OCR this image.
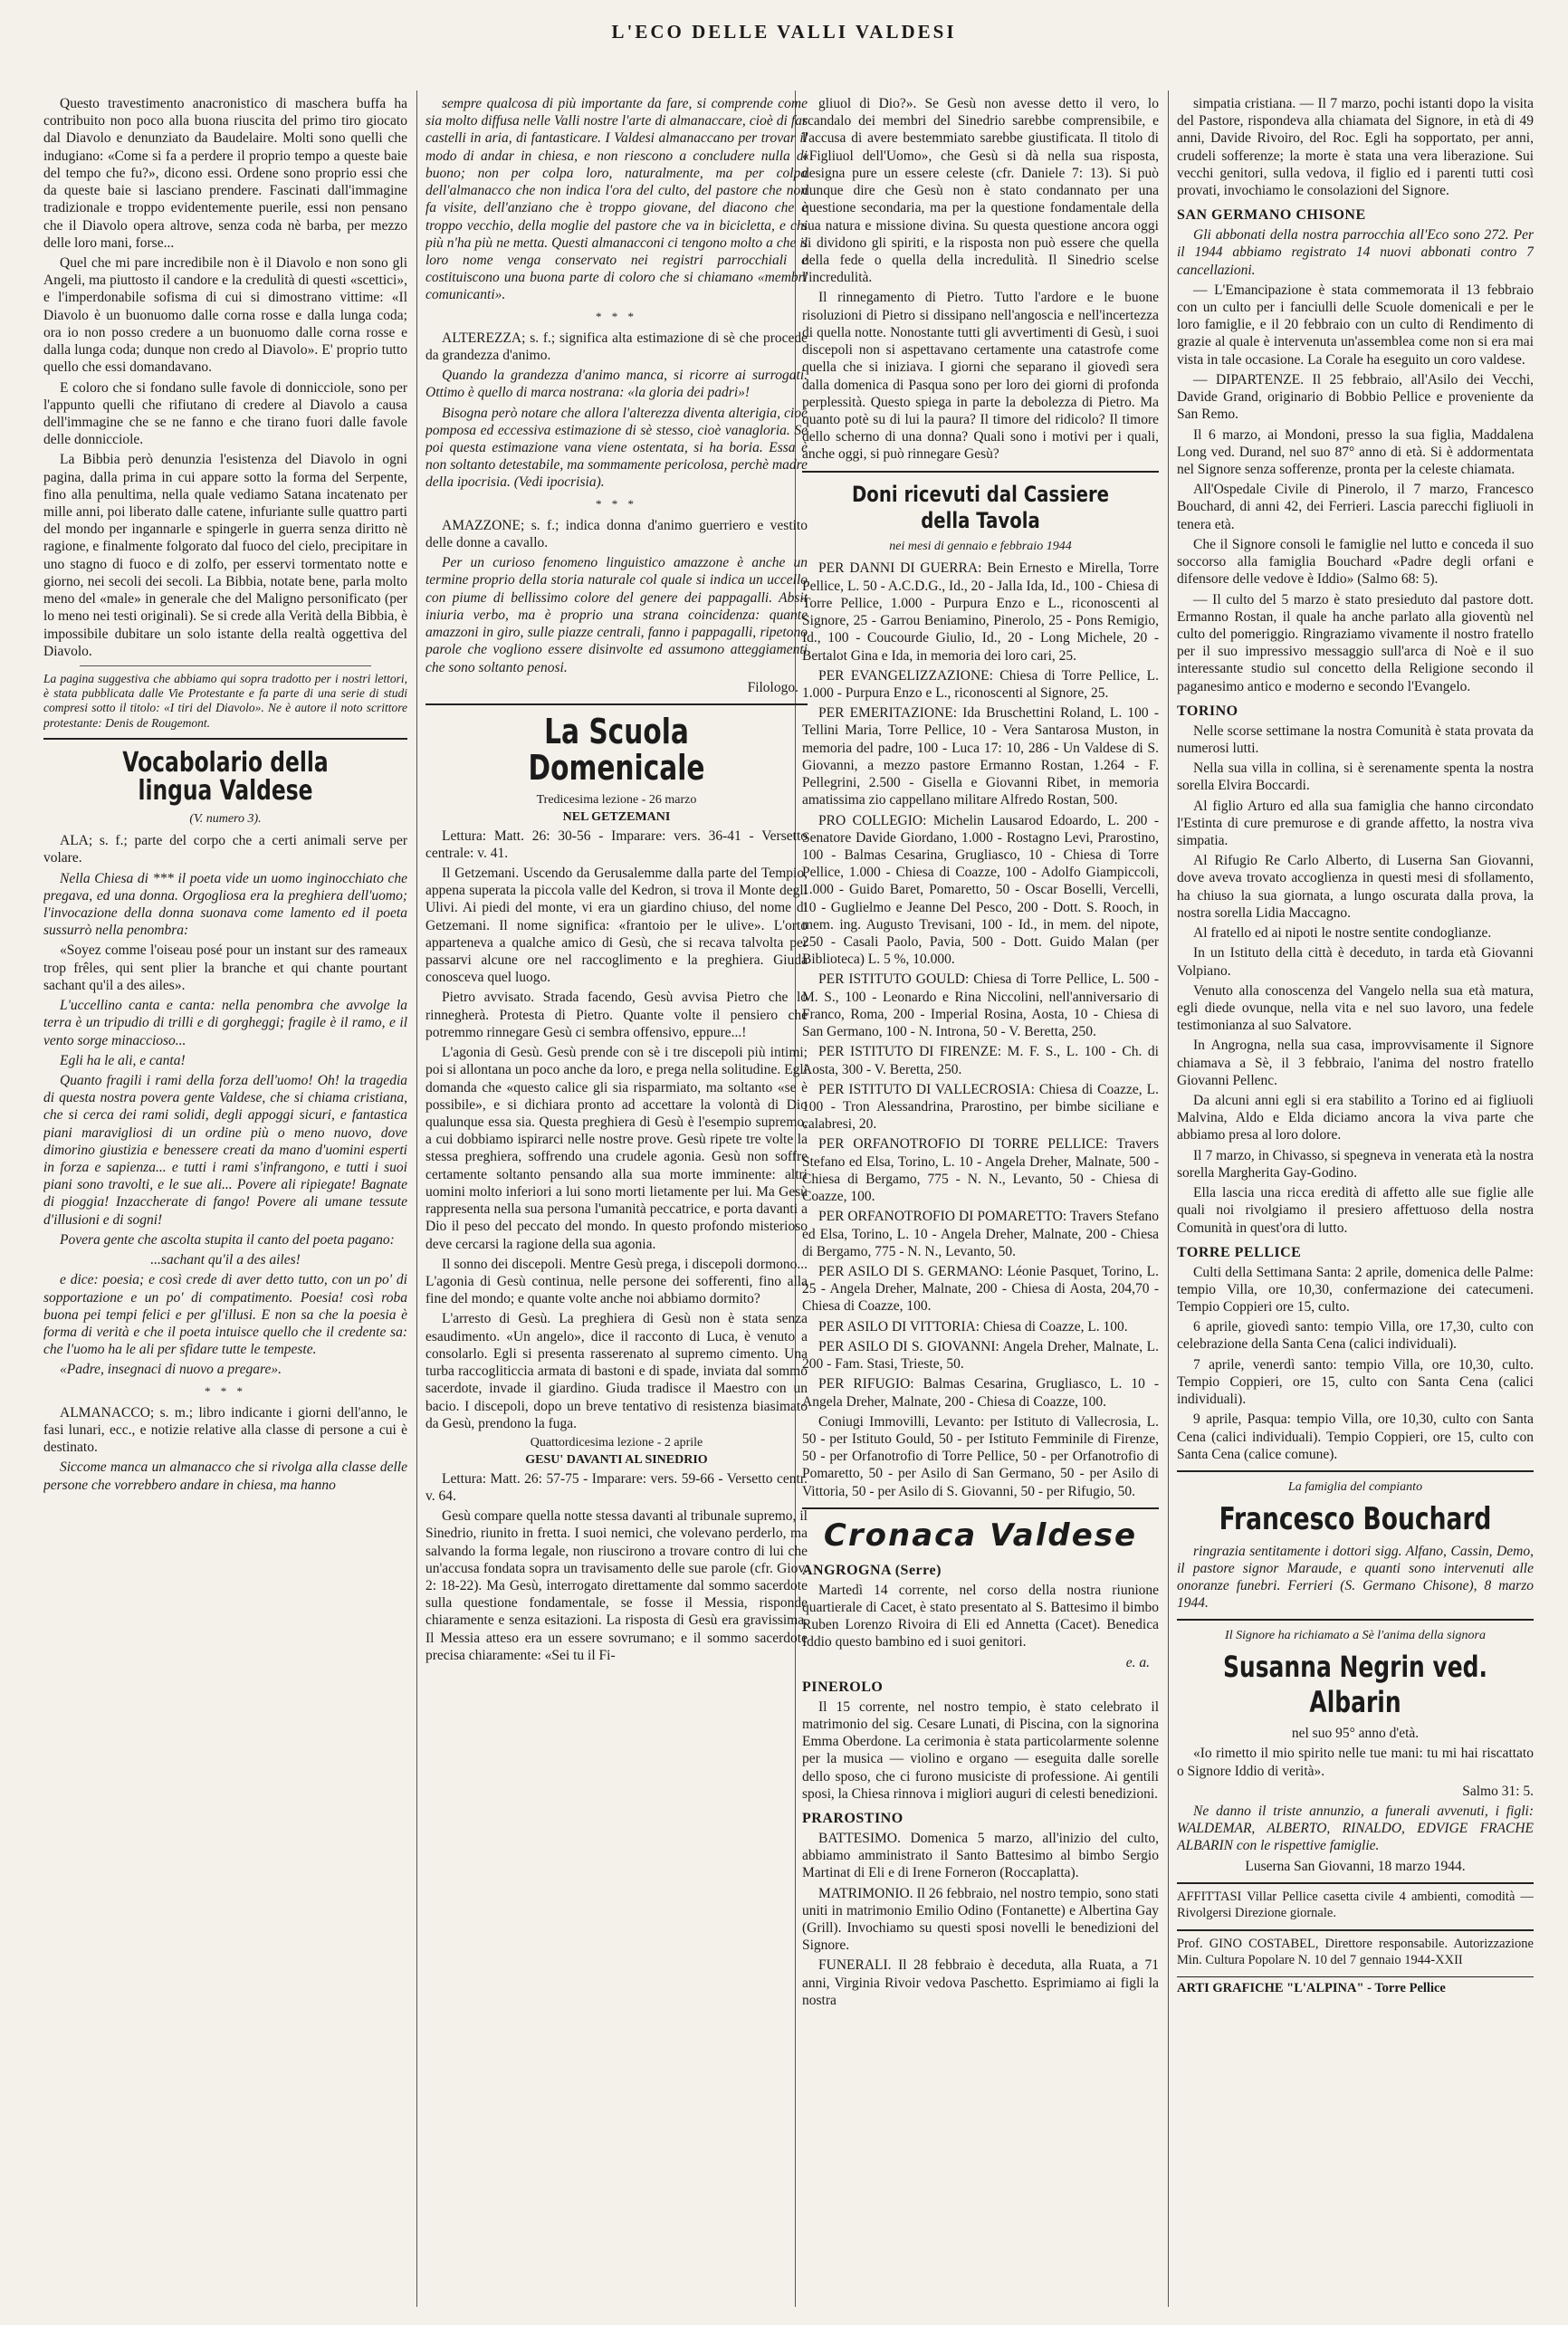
L'ECO DELLE VALLI VALDESI

Questo travestimento anacronistico di maschera buffa ha contribuito non poco alla buona riuscita del primo tiro giocato dal Diavolo e denunziato da Baudelaire. Molti sono quelli che indugiano: «Come si fa a perdere il proprio tempo a queste baie del tempo che fu?», dicono essi. Ordene sono proprio essi che da queste baie si lasciano prendere. Fascinati dall'immagine tradizionale e troppo evidentemente puerile, essi non pensano che il Diavolo opera altrove, senza coda nè barba, per mezzo delle loro mani, forse...

Quel che mi pare incredibile non è il Diavolo e non sono gli Angeli, ma piuttosto il candore e la credulità di questi «scettici», e l'imperdonabile sofisma di cui si dimostrano vittime: «Il Diavolo è un buonuomo dalle corna rosse e dalla lunga coda; ora io non posso credere a un buonuomo dalle corna rosse e dalla lunga coda; dunque non credo al Diavolo». E' proprio tutto quello che essi domandavano.

E coloro che si fondano sulle favole di donnicciole, sono per l'appunto quelli che rifiutano di credere al Diavolo a causa dell'immagine che se ne fanno e che tirano fuori dalle favole delle donnicciole.

La Bibbia però denunzia l'esistenza del Diavolo in ogni pagina, dalla prima in cui appare sotto la forma del Serpente, fino alla penultima, nella quale vediamo Satana incatenato per mille anni, poi liberato dalle catene, infuriante sulle quattro parti del mondo per ingannarle e spingerle in guerra senza diritto nè ragione, e finalmente folgorato dal fuoco del cielo, precipitare in uno stagno di fuoco e di zolfo, per esservi tormentato notte e giorno, nei secoli dei secoli. La Bibbia, notate bene, parla molto meno del «male» in generale che del Maligno personificato (per lo meno nei testi originali). Se si crede alla Verità della Bibbia, è impossibile dubitare un solo istante della realtà oggettiva del Diavolo.

La pagina suggestiva che abbiamo qui sopra tradotto per i nostri lettori, è stata pubblicata dalle Vie Protestante e fa parte di una serie di studi compresi sotto il titolo: «I tiri del Diavolo». Ne è autore il noto scrittore protestante: Denis de Rougemont.
Vocabolario della lingua Valdese
(V. numero 3).

ALA; s. f.; parte del corpo che a certi animali serve per volare.

Nella Chiesa di *** il poeta vide un uomo inginocchiato che pregava, ed una donna. Orgogliosa era la preghiera dell'uomo; l'invocazione della donna suonava come lamento ed il poeta sussurrò nella penombra:

«Soyez comme l'oiseau posé pour un instant sur des rameaux trop frêles, qui sent plier la branche et qui chante pourtant sachant qu'il a des ailes».

L'uccellino canta e canta: nella penombra che avvolge la terra è un tripudio di trilli e di gorgheggi; fragile è il ramo, e il vento sorge minaccioso...

Egli ha le ali, e canta!

Quanto fragili i rami della forza dell'uomo! Oh! la tragedia di questa nostra povera gente Valdese, che si chiama cristiana, che si cerca dei rami solidi, degli appoggi sicuri, e fantastica piani maravigliosi di un ordine più o meno nuovo, dove dimorino giustizia e benessere creati da mano d'uomini esperti in forza e sapienza... e tutti i rami s'infrangono, e tutti i suoi piani sono travolti, e le sue ali... Povere ali ripiegate! Bagnate di pioggia! Inzaccherate di fango! Povere ali umane tessute d'illusioni e di sogni!

Povera gente che ascolta stupita il canto del poeta pagano:

...sachant qu'il a des ailes!

e dice: poesia; e così crede di aver detto tutto, con un po' di sopportazione e un po' di compatimento. Poesia! così roba buona pei tempi felici e per gl'illusi. E non sa che la poesia è forma di verità e che il poeta intuisce quello che il credente sa: che l'uomo ha le ali per sfidare tutte le tempeste.

«Padre, insegnaci di nuovo a pregare».

* * *

ALMANACCO; s. m.; libro indicante i giorni dell'anno, le fasi lunari, ecc., e notizie relative alla classe di persone a cui è destinato.

Siccome manca un almanacco che si rivolga alla classe delle persone che vorrebbero andare in chiesa, ma hanno

sempre qualcosa di più importante da fare, si comprende come sia molto diffusa nelle Valli nostre l'arte di almanaccare, cioè di far castelli in aria, di fantasticare. I Valdesi almanaccano per trovar il modo di andar in chiesa, e non riescono a concludere nulla di buono; non per colpa loro, naturalmente, ma per colpa dell'almanacco che non indica l'ora del culto, del pastore che non fa visite, dell'anziano che è troppo giovane, del diacono che è troppo vecchio, della moglie del pastore che va in bicicletta, e chi più n'ha più ne metta. Questi almanacconi ci tengono molto a che il loro nome venga conservato nei registri parrocchiali e costituiscono una buona parte di coloro che si chiamano «membri comunicanti».

* * *

ALTEREZZA; s. f.; significa alta estimazione di sè che procede da grandezza d'animo.

Quando la grandezza d'animo manca, si ricorre ai surrogati. Ottimo è quello di marca nostrana: «la gloria dei padri»!

Bisogna però notare che allora l'alterezza diventa alterigia, cioè pomposa ed eccessiva estimazione di sè stesso, cioè vanagloria. Se poi questa estimazione vana viene ostentata, si ha boria. Essa è non soltanto detestabile, ma sommamente pericolosa, perchè madre della ipocrisia. (Vedi ipocrisia).

* * *

AMAZZONE; s. f.; indica donna d'animo guerriero e vestito delle donne a cavallo.

Per un curioso fenomeno linguistico amazzone è anche un termine proprio della storia naturale col quale si indica un uccello con piume di bellissimo colore del genere dei pappagalli. Absit iniuria verbo, ma è proprio una strana coincidenza: quante amazzoni in giro, sulle piazze centrali, fanno i pappagalli, ripetono parole che vogliono essere disinvolte ed assumono atteggiamenti che sono soltanto penosi.

Filologo.
La Scuola Domenicale
Tredicesima lezione - 26 marzo
NEL GETZEMANI

Lettura: Matt. 26: 30-56 - Imparare: vers. 36-41 - Versetto centrale: v. 41.

Il Getzemani. Uscendo da Gerusalemme dalla parte del Tempio, appena superata la piccola valle del Kedron, si trova il Monte degli Ulivi. Ai piedi del monte, vi era un giardino chiuso, del nome di Getzemani. Il nome significa: «frantoio per le ulive». L'orto apparteneva a qualche amico di Gesù, che si recava talvolta per passarvi alcune ore nel raccoglimento e la preghiera. Giuda conosceva quel luogo.

Pietro avvisato. Strada facendo, Gesù avvisa Pietro che lo rinnegherà. Protesta di Pietro. Quante volte il pensiero che potremmo rinnegare Gesù ci sembra offensivo, eppure...!

L'agonia di Gesù. Gesù prende con sè i tre discepoli più intimi; poi si allontana un poco anche da loro, e prega nella solitudine. Egli domanda che «questo calice gli sia risparmiato, ma soltanto «se è possibile», e si dichiara pronto ad accettare la volontà di Dio qualunque essa sia. Questa preghiera di Gesù è l'esempio supremo, a cui dobbiamo ispirarci nelle nostre prove. Gesù ripete tre volte la stessa preghiera, soffrendo una crudele agonia. Gesù non soffre certamente soltanto pensando alla sua morte imminente: altri uomini molto inferiori a lui sono morti lietamente per lui. Ma Gesù rappresenta nella sua persona l'umanità peccatrice, e porta davanti a Dio il peso del peccato del mondo. In questo profondo misterioso deve cercarsi la ragione della sua agonia.

Il sonno dei discepoli. Mentre Gesù prega, i discepoli dormono... L'agonia di Gesù continua, nelle persone dei sofferenti, fino alla fine del mondo; e quante volte anche noi abbiamo dormito?

L'arresto di Gesù. La preghiera di Gesù non è stata senza esaudimento. «Un angelo», dice il racconto di Luca, è venuto a consolarlo. Egli si presenta rasserenato al supremo cimento. Una turba raccogliticcia armata di bastoni e di spade, inviata dal sommo sacerdote, invade il giardino. Giuda tradisce il Maestro con un bacio. I discepoli, dopo un breve tentativo di resistenza biasimato da Gesù, prendono la fuga.

Quattordicesima lezione - 2 aprile
GESU' DAVANTI AL SINEDRIO

Lettura: Matt. 26: 57-75 - Imparare: vers. 59-66 - Versetto centr. v. 64.

Gesù compare quella notte stessa davanti al tribunale supremo, il Sinedrio, riunito in fretta. I suoi nemici, che volevano perderlo, ma salvando la forma legale, non riuscirono a trovare contro di lui che un'accusa fondata sopra un travisamento delle sue parole (cfr. Giov. 2: 18-22). Ma Gesù, interrogato direttamente dal sommo sacerdote sulla questione fondamentale, se fosse il Messia, risponde chiaramente e senza esitazioni. La risposta di Gesù era gravissima. Il Messia atteso era un essere sovrumano; e il sommo sacerdote precisa chiaramente: «Sei tu il Fi-

gliuol di Dio?». Se Gesù non avesse detto il vero, lo scandalo dei membri del Sinedrio sarebbe comprensibile, e l'accusa di avere bestemmiato sarebbe giustificata. Il titolo di «Figliuol dell'Uomo», che Gesù si dà nella sua risposta, designa pure un essere celeste (cfr. Daniele 7: 13). Si può dunque dire che Gesù non è stato condannato per una questione secondaria, ma per la questione fondamentale della sua natura e missione divina. Su questa questione ancora oggi si dividono gli spiriti, e la risposta non può essere che quella della fede o quella della incredulità. Il Sinedrio scelse l'incredulità.

Il rinnegamento di Pietro. Tutto l'ardore e le buone risoluzioni di Pietro si dissipano nell'angoscia e nell'incertezza di quella notte. Nonostante tutti gli avvertimenti di Gesù, i suoi discepoli non si aspettavano certamente una catastrofe come quella che si iniziava. I giorni che separano il giovedì sera dalla domenica di Pasqua sono per loro dei giorni di profonda perplessità. Questo spiega in parte la debolezza di Pietro. Ma quanto potè su di lui la paura? Il timore del ridicolo? Il timore dello scherno di una donna? Quali sono i motivi per i quali, anche oggi, si può rinnegare Gesù?

Doni ricevuti dal Cassiere della Tavola
nei mesi di gennaio e febbraio 1944

PER DANNI DI GUERRA: Bein Ernesto e Mirella, Torre Pellice, L. 50 - A.C.D.G., Id., 20 - Jalla Ida, Id., 100 - Chiesa di Torre Pellice, 1.000 - Purpura Enzo e L., riconoscenti al Signore, 25 - Garrou Beniamino, Pinerolo, 25 - Pons Remigio, Id., 100 - Coucourde Giulio, Id., 20 - Long Michele, 20 - Bertalot Gina e Ida, in memoria dei loro cari, 25.

PER EVANGELIZZAZIONE: Chiesa di Torre Pellice, L. 1.000 - Purpura Enzo e L., riconoscenti al Signore, 25.

PER EMERITAZIONE: Ida Bruschettini Roland, L. 100 - Tellini Maria, Torre Pellice, 10 - Vera Santarosa Muston, in memoria del padre, 100 - Luca 17: 10, 286 - Un Valdese di S. Giovanni, a mezzo pastore Ermanno Rostan, 1.264 - F. Pellegrini, 2.500 - Gisella e Giovanni Ribet, in memoria amatissima zio cappellano militare Alfredo Rostan, 500.

PRO COLLEGIO: Michelin Lausarod Edoardo, L. 200 - Senatore Davide Giordano, 1.000 - Rostagno Levi, Prarostino, 100 - Balmas Cesarina, Grugliasco, 10 - Chiesa di Torre Pellice, 1.000 - Chiesa di Coazze, 100 - Adolfo Giampiccoli, 1.000 - Guido Baret, Pomaretto, 50 - Oscar Boselli, Vercelli, 10 - Guglielmo e Jeanne Del Pesco, 200 - Dott. S. Rooch, in mem. ing. Augusto Trevisani, 100 - Id., in mem. del nipote, 250 - Casali Paolo, Pavia, 500 - Dott. Guido Malan (per Biblioteca) L. 5 %, 10.000.

PER ISTITUTO GOULD: Chiesa di Torre Pellice, L. 500 - M. S., 100 - Leonardo e Rina Niccolini, nell'anniversario di Franco, Roma, 200 - Imperial Rosina, Aosta, 10 - Chiesa di San Germano, 100 - N. Introna, 50 - V. Beretta, 250.

PER ISTITUTO DI FIRENZE: M. F. S., L. 100 - Ch. di Aosta, 300 - V. Beretta, 250.

PER ISTITUTO DI VALLECROSIA: Chiesa di Coazze, L. 100 - Tron Alessandrina, Prarostino, per bimbe siciliane e calabresi, 20.

PER ORFANOTROFIO DI TORRE PELLICE: Travers Stefano ed Elsa, Torino, L. 10 - Angela Dreher, Malnate, 500 - Chiesa di Bergamo, 775 - N. N., Levanto, 50 - Chiesa di Coazze, 100.

PER ORFANOTROFIO DI POMARETTO: Travers Stefano ed Elsa, Torino, L. 10 - Angela Dreher, Malnate, 200 - Chiesa di Bergamo, 775 - N. N., Levanto, 50.

PER ASILO DI S. GERMANO: Léonie Pasquet, Torino, L. 25 - Angela Dreher, Malnate, 200 - Chiesa di Aosta, 204,70 - Chiesa di Coazze, 100.

PER ASILO DI VITTORIA: Chiesa di Coazze, L. 100.

PER ASILO DI S. GIOVANNI: Angela Dreher, Malnate, L. 200 - Fam. Stasi, Trieste, 50.

PER RIFUGIO: Balmas Cesarina, Grugliasco, L. 10 - Angela Dreher, Malnate, 200 - Chiesa di Coazze, 100.

Coniugi Immovilli, Levanto: per Istituto di Vallecrosia, L. 50 - per Istituto Gould, 50 - per Istituto Femminile di Firenze, 50 - per Orfanotrofio di Torre Pellice, 50 - per Orfanotrofio di Pomaretto, 50 - per Asilo di San Germano, 50 - per Asilo di Vittoria, 50 - per Asilo di S. Giovanni, 50 - per Rifugio, 50.

Cronaca Valdese
ANGROGNA (Serre)

Martedì 14 corrente, nel corso della nostra riunione quartierale di Cacet, è stato presentato al S. Battesimo il bimbo Ruben Lorenzo Rivoira di Eli ed Annetta (Cacet). Benedica Iddio questo bambino ed i suoi genitori.

e. a.
PINEROLO

Il 15 corrente, nel nostro tempio, è stato celebrato il matrimonio del sig. Cesare Lunati, di Piscina, con la signorina Emma Oberdone. La cerimonia è stata particolarmente solenne per la musica — violino e organo — eseguita dalle sorelle dello sposo, che ci furono musiciste di professione. Ai gentili sposi, la Chiesa rinnova i migliori auguri di celesti benedizioni.

PRAROSTINO

BATTESIMO. Domenica 5 marzo, all'inizio del culto, abbiamo amministrato il Santo Battesimo al bimbo Sergio Martinat di Eli e di Irene Forneron (Roccaplatta).

MATRIMONIO. Il 26 febbraio, nel nostro tempio, sono stati uniti in matrimonio Emilio Odino (Fontanette) e Albertina Gay (Grill). Invochiamo su questi sposi novelli le benedizioni del Signore.

FUNERALI. Il 28 febbraio è deceduta, alla Ruata, a 71 anni, Virginia Rivoir vedova Paschetto. Esprimiamo ai figli la nostra

simpatia cristiana. — Il 7 marzo, pochi istanti dopo la visita del Pastore, rispondeva alla chiamata del Signore, in età di 49 anni, Davide Rivoiro, del Roc. Egli ha sopportato, per anni, crudeli sofferenze; la morte è stata una vera liberazione. Sui vecchi genitori, sulla vedova, il figlio ed i parenti tutti così provati, invochiamo le consolazioni del Signore.

SAN GERMANO CHISONE

Gli abbonati della nostra parrocchia all'Eco sono 272. Per il 1944 abbiamo registrato 14 nuovi abbonati contro 7 cancellazioni.

— L'Emancipazione è stata commemorata il 13 febbraio con un culto per i fanciulli delle Scuole domenicali e per le loro famiglie, e il 20 febbraio con un culto di Rendimento di grazie al quale è intervenuta un'assemblea come non si era mai vista in tale occasione. La Corale ha eseguito un coro valdese.

— DIPARTENZE. Il 25 febbraio, all'Asilo dei Vecchi, Davide Grand, originario di Bobbio Pellice e proveniente da San Remo.

Il 6 marzo, ai Mondoni, presso la sua figlia, Maddalena Long ved. Durand, nel suo 87° anno di età. Si è addormentata nel Signore senza sofferenze, pronta per la celeste chiamata.

All'Ospedale Civile di Pinerolo, il 7 marzo, Francesco Bouchard, di anni 42, dei Ferrieri. Lascia parecchi figliuoli in tenera età.

Che il Signore consoli le famiglie nel lutto e conceda il suo soccorso alla famiglia Bouchard «Padre degli orfani e difensore delle vedove è Iddio» (Salmo 68: 5).

— Il culto del 5 marzo è stato presieduto dal pastore dott. Ermanno Rostan, il quale ha anche parlato alla gioventù nel culto del pomeriggio. Ringraziamo vivamente il nostro fratello per il suo impressivo messaggio sull'arca di Noè e il suo interessante studio sul concetto della Religione secondo il paganesimo antico e moderno e secondo l'Evangelo.

TORINO

Nelle scorse settimane la nostra Comunità è stata provata da numerosi lutti.

Nella sua villa in collina, si è serenamente spenta la nostra sorella Elvira Boccardi.

Al figlio Arturo ed alla sua famiglia che hanno circondato l'Estinta di cure premurose e di grande affetto, la nostra viva simpatia.

Al Rifugio Re Carlo Alberto, di Luserna San Giovanni, dove aveva trovato accoglienza in questi mesi di sfollamento, ha chiuso la sua giornata, a lungo oscurata dalla prova, la nostra sorella Lidia Maccagno.

Al fratello ed ai nipoti le nostre sentite condoglianze.

In un Istituto della città è deceduto, in tarda età Giovanni Volpiano.

Venuto alla conoscenza del Vangelo nella sua età matura, egli diede ovunque, nella vita e nel suo lavoro, una fedele testimonianza al suo Salvatore.

In Angrogna, nella sua casa, improvvisamente il Signore chiamava a Sè, il 3 febbraio, l'anima del nostro fratello Giovanni Pellenc.

Da alcuni anni egli si era stabilito a Torino ed ai figliuoli Malvina, Aldo e Elda diciamo ancora la viva parte che abbiamo presa al loro dolore.

Il 7 marzo, in Chivasso, si spegneva in venerata età la nostra sorella Margherita Gay-Godino.

Ella lascia una ricca eredità di affetto alle sue figlie alle quali noi rivolgiamo il presiero affettuoso della nostra Comunità in quest'ora di lutto.

TORRE PELLICE

Culti della Settimana Santa: 2 aprile, domenica delle Palme: tempio Villa, ore 10,30, confermazione dei catecumeni. Tempio Coppieri ore 15, culto.

6 aprile, giovedì santo: tempio Villa, ore 17,30, culto con celebrazione della Santa Cena (calici individuali).

7 aprile, venerdì santo: tempio Villa, ore 10,30, culto. Tempio Coppieri, ore 15, culto con Santa Cena (calici individuali).

9 aprile, Pasqua: tempio Villa, ore 10,30, culto con Santa Cena (calici individuali). Tempio Coppieri, ore 15, culto con Santa Cena (calice comune).

La famiglia del compianto
Francesco Bouchard

ringrazia sentitamente i dottori sigg. Alfano, Cassin, Demo, il pastore signor Maraude, e quanti sono intervenuti alle onoranze funebri. Ferrieri (S. Germano Chisone), 8 marzo 1944.

Il Signore ha richiamato a Sè l'anima della signora
Susanna Negrin ved. Albarin

nel suo 95° anno d'età.

«Io rimetto il mio spirito nelle tue mani: tu mi hai riscattato o Signore Iddio di verità».

Salmo 31: 5.

Ne danno il triste annunzio, a funerali avvenuti, i figli: WALDEMAR, ALBERTO, RINALDO, EDVIGE FRACHE ALBARIN con le rispettive famiglie.

Luserna San Giovanni, 18 marzo 1944.

AFFITTASI Villar Pellice casetta civile 4 ambienti, comodità — Rivolgersi Direzione giornale.
Prof. GINO COSTABEL, Direttore responsabile. Autorizzazione Min. Cultura Popolare N. 10 del 7 gennaio 1944-XXII
ARTI GRAFICHE "L'ALPINA" - Torre Pellice
